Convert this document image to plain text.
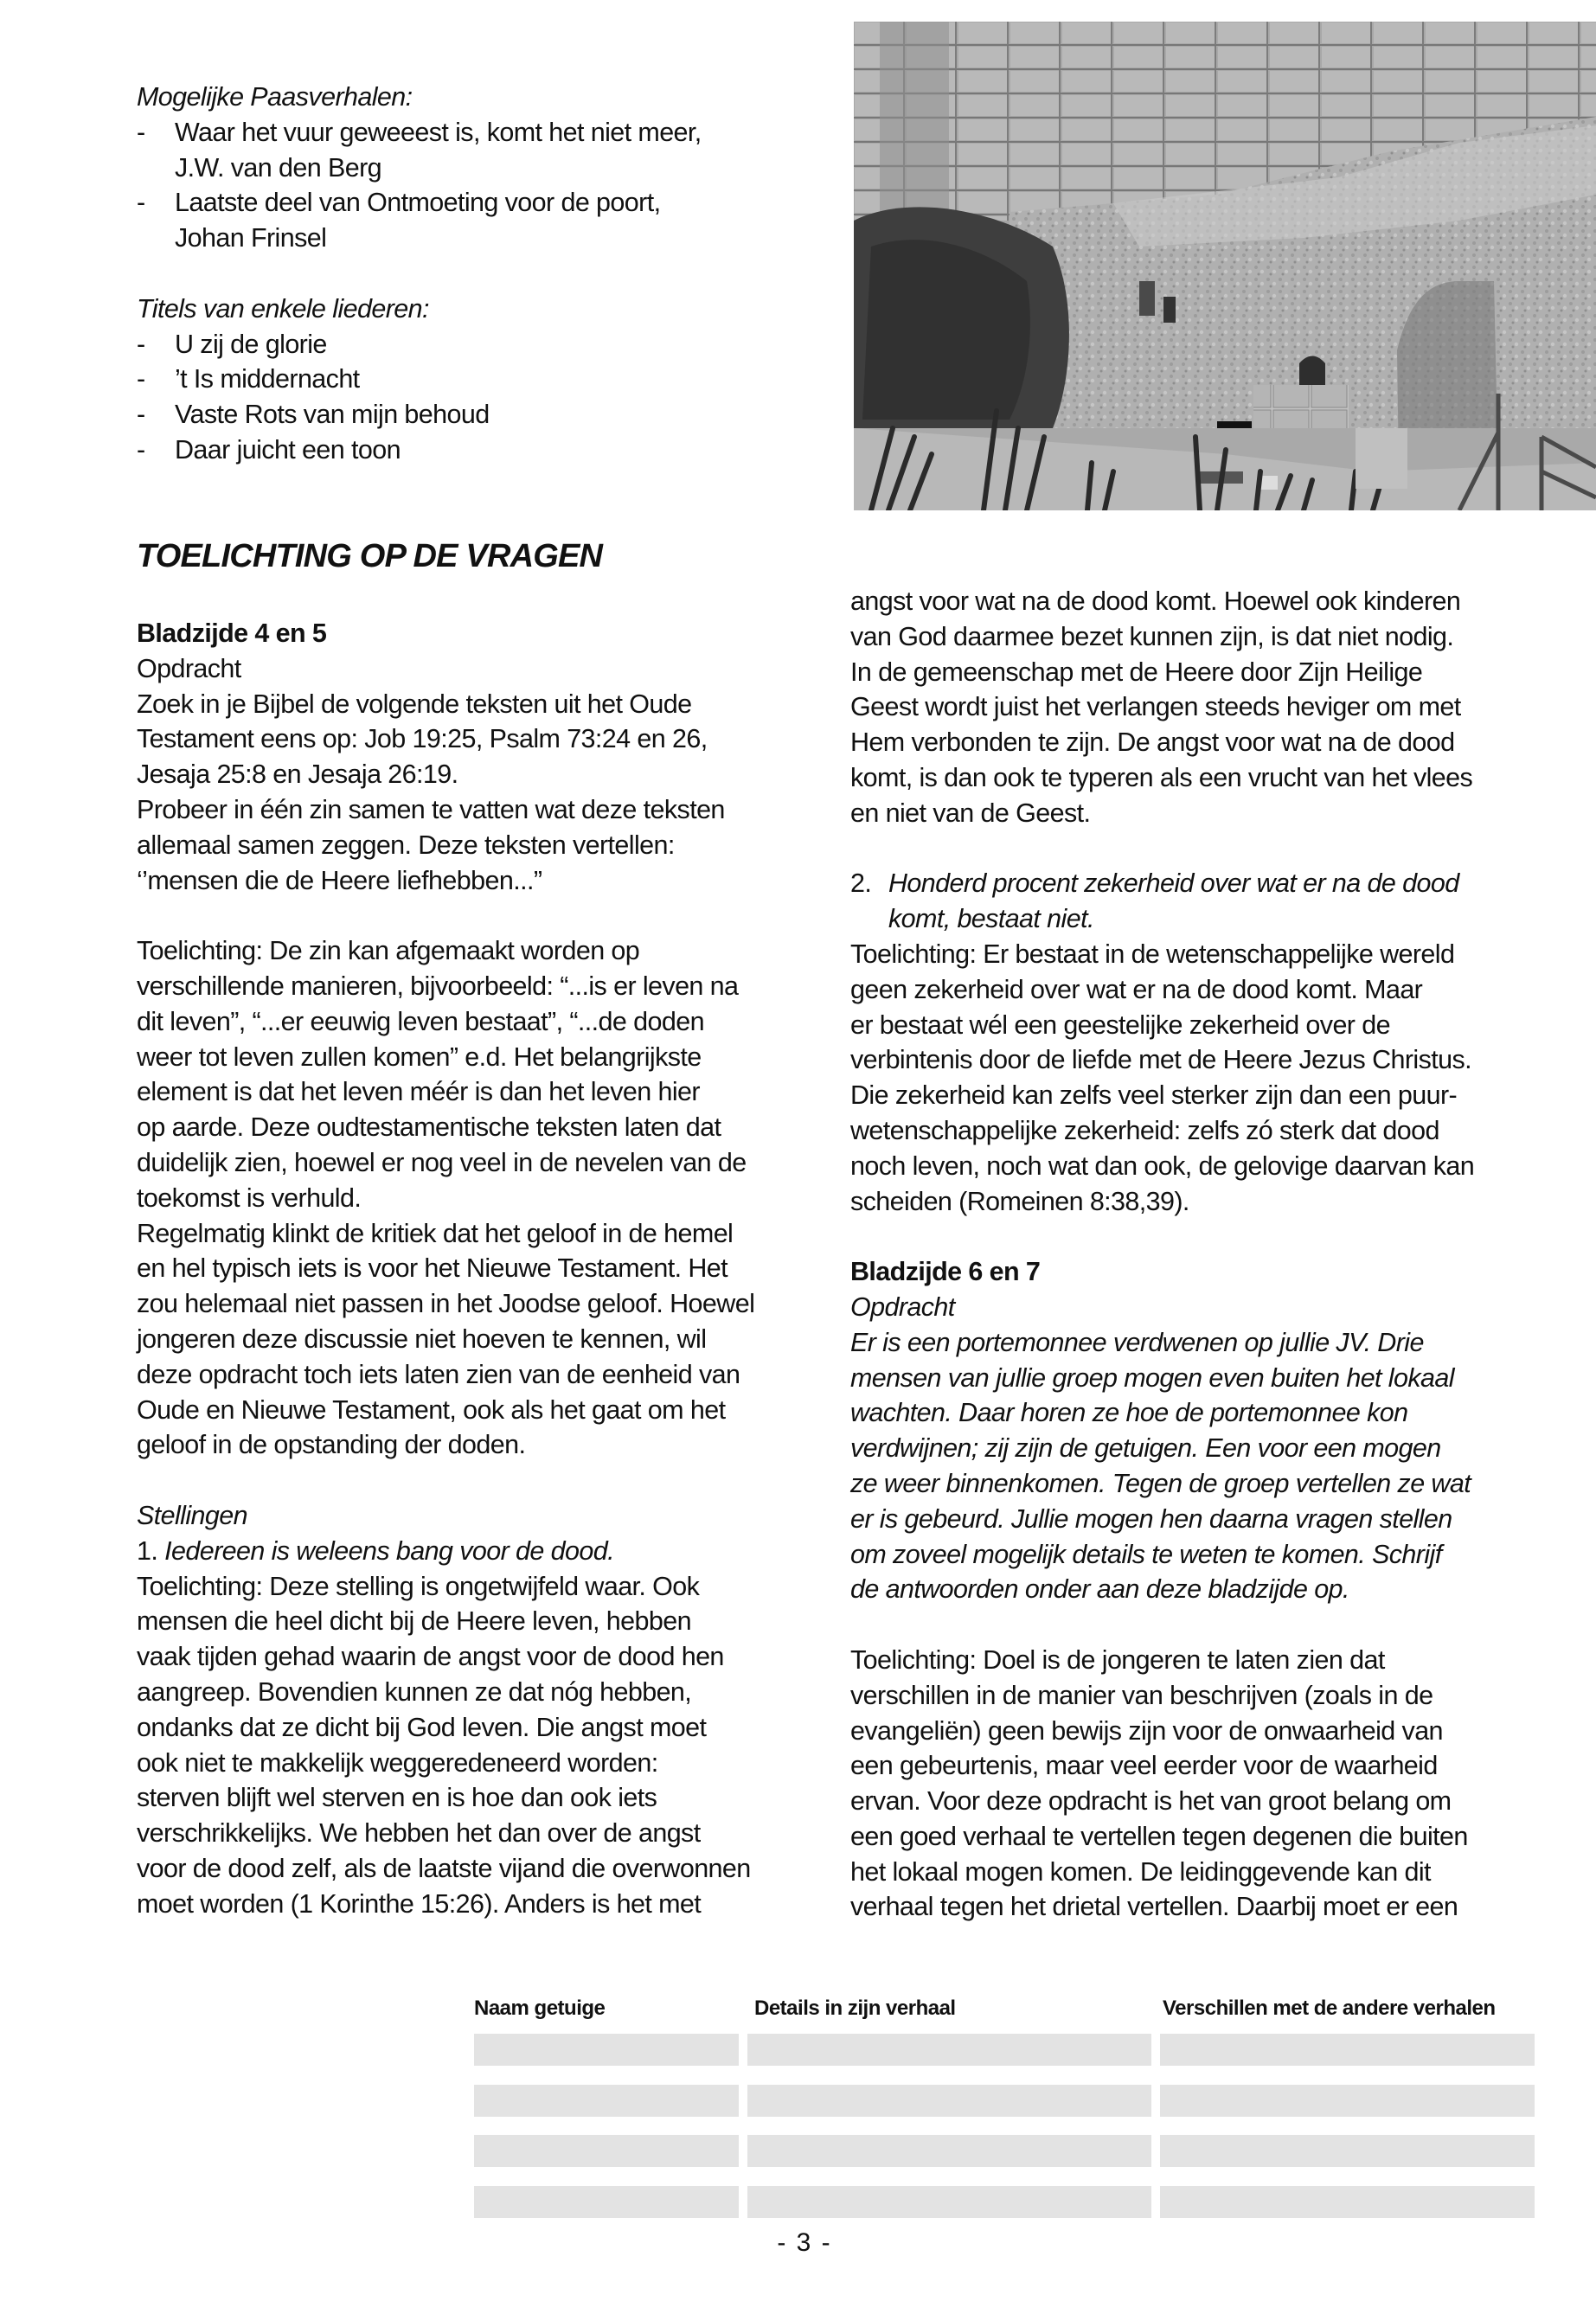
Mogelijke Paasverhalen:
- Waar het vuur geweeest is, komt het niet meer,
J.W. van den Berg
- Laatste deel van Ontmoeting voor de poort,
Johan Frinsel
Titels van enkele liederen:
- U zij de glorie
- ’t Is middernacht
- Vaste Rots van mijn behoud
- Daar juicht een toon
TOELICHTING OP DE VRAGEN
Bladzijde 4 en 5
Opdracht
Zoek in je Bijbel de volgende teksten uit het Oude
Testament eens op: Job 19:25, Psalm 73:24 en 26,
Jesaja 25:8 en Jesaja 26:19.
Probeer in één zin samen te vatten wat deze teksten
allemaal samen zeggen. Deze teksten vertellen:
‘’mensen die de Heere liefhebben...”
Toelichting: De zin kan afgemaakt worden op
verschillende manieren, bijvoorbeeld: “...is er leven na
dit leven”, “...er eeuwig leven bestaat”, “...de doden
weer tot leven zullen komen” e.d. Het belangrijkste
element is dat het leven méér is dan het leven hier
op aarde. Deze oudtestamentische teksten laten dat
duidelijk zien, hoewel er nog veel in de nevelen van de
toekomst is verhuld.
Regelmatig klinkt de kritiek dat het geloof in de hemel
en hel typisch iets is voor het Nieuwe Testament. Het
zou helemaal niet passen in het Joodse geloof. Hoewel
jongeren deze discussie niet hoeven te kennen, wil
deze opdracht toch iets laten zien van de eenheid van
Oude en Nieuwe Testament, ook als het gaat om het
geloof in de opstanding der doden.
Stellingen
1. Iedereen is weleens bang voor de dood.
Toelichting: Deze stelling is ongetwijfeld waar. Ook
mensen die heel dicht bij de Heere leven, hebben
vaak tijden gehad waarin de angst voor de dood hen
aangreep. Bovendien kunnen ze dat nóg hebben,
ondanks dat ze dicht bij God leven. Die angst moet
ook niet te makkelijk weggeredeneerd worden:
sterven blijft wel sterven en is hoe dan ook iets
verschrikkelijks. We hebben het dan over de angst
voor de dood zelf, als de laatste vijand die overwonnen
moet worden (1 Korinthe 15:26). Anders is het met
angst voor wat na de dood komt. Hoewel ook kinderen
van God daarmee bezet kunnen zijn, is dat niet nodig.
In de gemeenschap met de Heere door Zijn Heilige
Geest wordt juist het verlangen steeds heviger om met
Hem verbonden te zijn. De angst voor wat na de dood
komt, is dan ook te typeren als een vrucht van het vlees
en niet van de Geest.
2. Honderd procent zekerheid over wat er na de dood
komt, bestaat niet.
Toelichting: Er bestaat in de wetenschappelijke wereld
geen zekerheid over wat er na de dood komt. Maar
er bestaat wél een geestelijke zekerheid over de
verbintenis door de liefde met de Heere Jezus Christus.
Die zekerheid kan zelfs veel sterker zijn dan een puur-
wetenschappelijke zekerheid: zelfs zó sterk dat dood
noch leven, noch wat dan ook, de gelovige daarvan kan
scheiden (Romeinen 8:38,39).
Bladzijde 6 en 7
Opdracht
Er is een portemonnee verdwenen op jullie JV. Drie
mensen van jullie groep mogen even buiten het lokaal
wachten. Daar horen ze hoe de portemonnee kon
verdwijnen; zij zijn de getuigen. Een voor een mogen
ze weer binnenkomen. Tegen de groep vertellen ze wat
er is gebeurd. Jullie mogen hen daarna vragen stellen
om zoveel mogelijk details te weten te komen. Schrijf
de antwoorden onder aan deze bladzijde op.
Toelichting: Doel is de jongeren te laten zien dat
verschillen in de manier van beschrijven (zoals in de
evangeliën) geen bewijs zijn voor de onwaarheid van
een gebeurtenis, maar veel eerder voor de waarheid
ervan. Voor deze opdracht is het van groot belang om
een goed verhaal te vertellen tegen degenen die buiten
het lokaal mogen komen. De leidinggevende kan dit
verhaal tegen het drietal vertellen. Daarbij moet er een
Naam getuige	Details in zijn verhaal	Verschillen met de andere verhalen
- 3 -
